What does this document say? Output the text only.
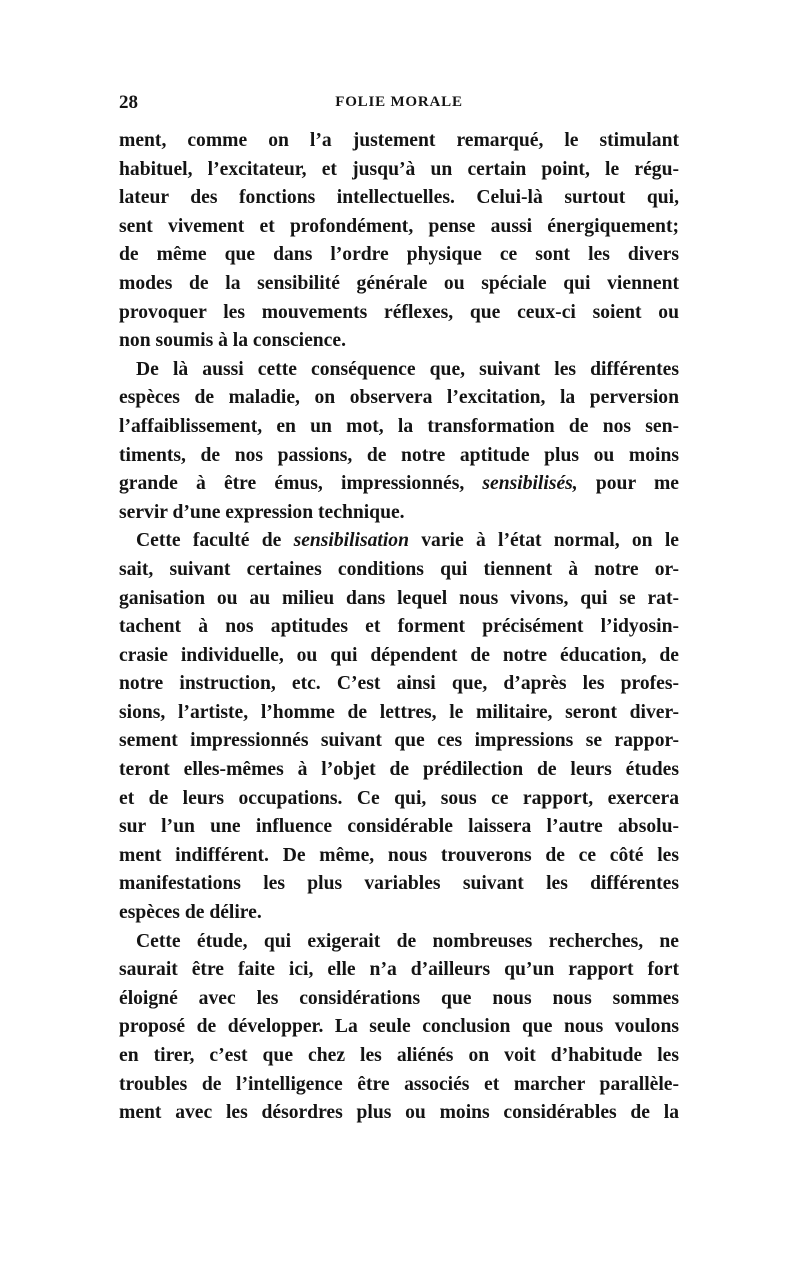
28	FOLIE MORALE
ment, comme on l’a justement remarqué, le stimulant
habituel, l’excitateur, et jusqu’à un certain point, le régu-
lateur des fonctions intellectuelles. Celui-là surtout qui,
sent vivement et profondément, pense aussi énergiquement;
de même que dans l’ordre physique ce sont les divers
modes de la sensibilité générale ou spéciale qui viennent
provoquer les mouvements réflexes, que ceux-ci soient ou
non soumis à la conscience.
De là aussi cette conséquence que, suivant les différentes
espèces de maladie, on observera l’excitation, la perversion
l’affaiblissement, en un mot, la transformation de nos sen-
timents, de nos passions, de notre aptitude plus ou moins
grande à être émus, impressionnés, sensibilisés, pour me
servir d’une expression technique.
Cette faculté de sensibilisation varie à l’état normal, on le
sait, suivant certaines conditions qui tiennent à notre or-
ganisation ou au milieu dans lequel nous vivons, qui se rat-
tachent à nos aptitudes et forment précisément l’idyosin-
crasie individuelle, ou qui dépendent de notre éducation, de
notre instruction, etc. C’est ainsi que, d’après les profes-
sions, l’artiste, l’homme de lettres, le militaire, seront diver-
sement impressionnés suivant que ces impressions se rappor-
teront elles-mêmes à l’objet de prédilection de leurs études
et de leurs occupations. Ce qui, sous ce rapport, exercera
sur l’un une influence considérable laissera l’autre absolu-
ment indifférent. De même, nous trouverons de ce côté les
manifestations les plus variables suivant les différentes
espèces de délire.
Cette étude, qui exigerait de nombreuses recherches, ne
saurait être faite ici, elle n’a d’ailleurs qu’un rapport fort
éloigné avec les considérations que nous nous sommes
proposé de développer. La seule conclusion que nous voulons
en tirer, c’est que chez les aliénés on voit d’habitude les
troubles de l’intelligence être associés et marcher parallèle-
ment avec les désordres plus ou moins considérables de la
